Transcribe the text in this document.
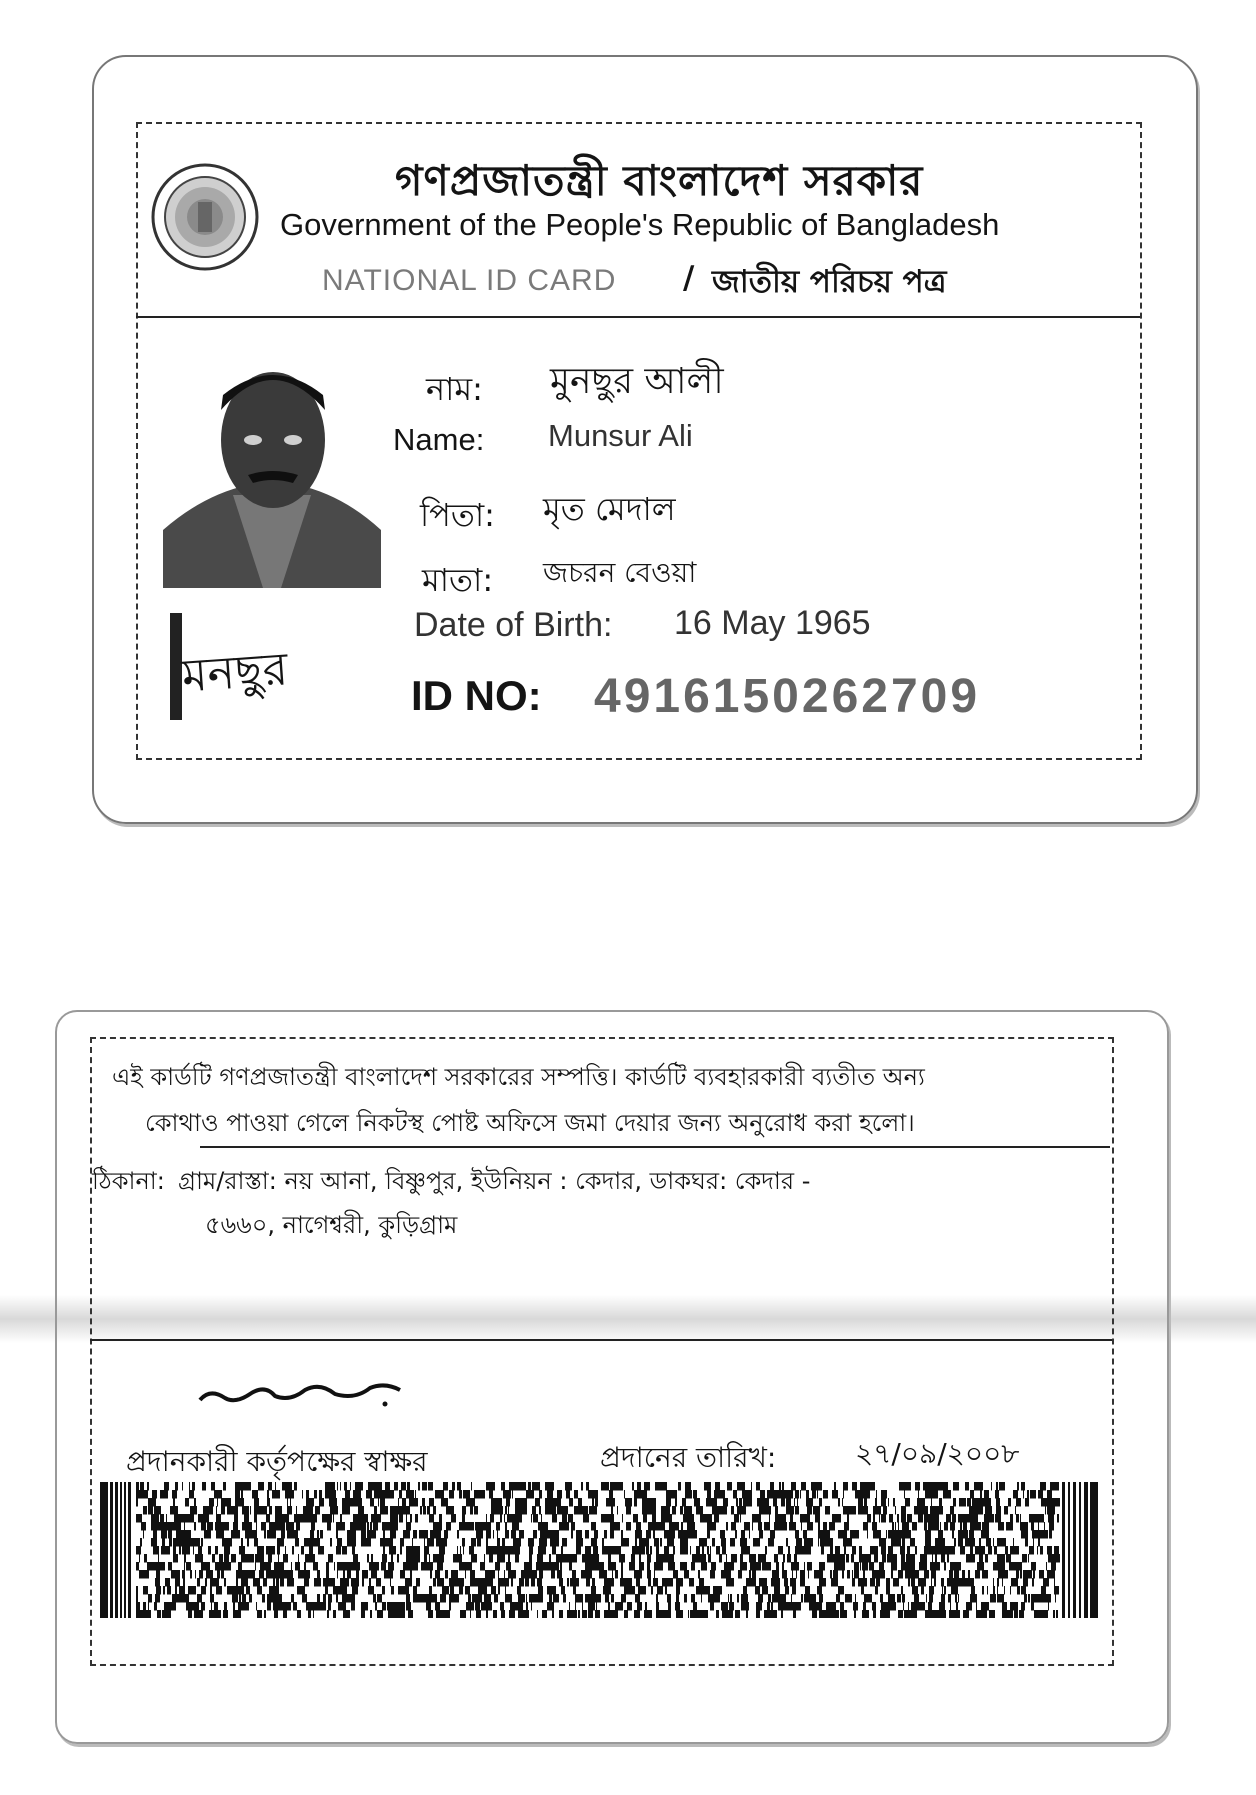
গণপ্রজাতন্ত্রী বাংলাদেশ সরকার
Government of the People's Republic of Bangladesh
NATIONAL ID CARD / জাতীয় পরিচয় পত্র
মনছুর
নাম: মুনছুর আলী
Name: Munsur Ali
পিতা: মৃত মেদাল
মাতা: জচরন বেওয়া
Date of Birth: 16 May 1965
ID NO: 4916150262709
এই কার্ডটি গণপ্রজাতন্ত্রী বাংলাদেশ সরকারের সম্পত্তি। কার্ডটি ব্যবহারকারী ব্যতীত অন্য
কোথাও পাওয়া গেলে নিকটস্থ পোষ্ট অফিসে জমা দেয়ার জন্য অনুরোধ করা হলো।
ঠিকানা: গ্রাম/রাস্তা: নয় আনা, বিষ্ণুপুর, ইউনিয়ন : কেদার, ডাকঘর: কেদার -
৫৬৬০, নাগেশ্বরী, কুড়িগ্রাম
প্রদানকারী কর্তৃপক্ষের স্বাক্ষর	প্রদানের তারিখ:	২৭/০৯/২০০৮
